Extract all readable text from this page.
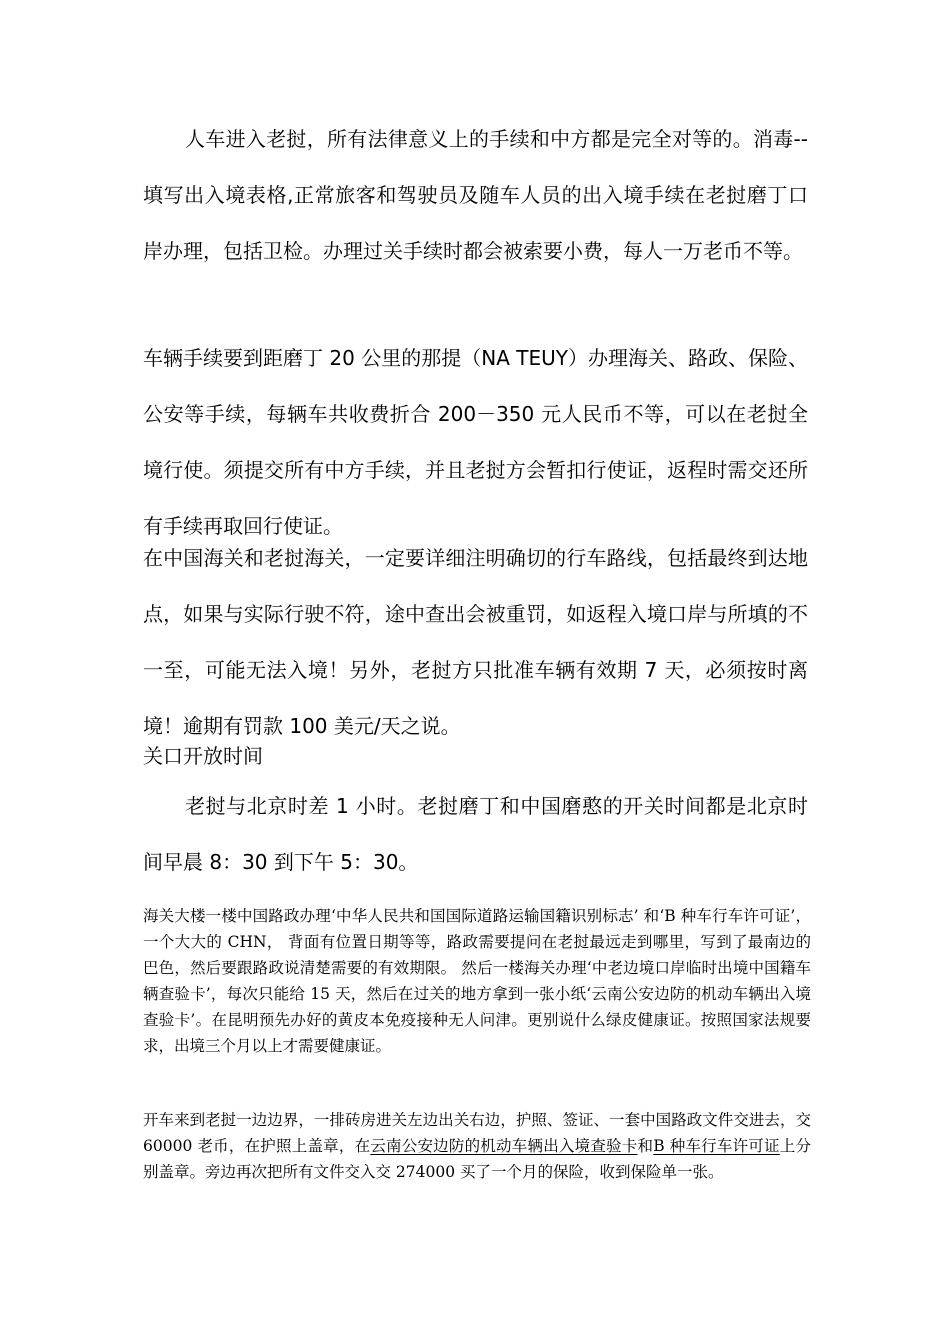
人车进入老挝，所有法律意义上的手续和中方都是完全对等的。消毒--填写出入境表格,正常旅客和驾驶员及随车人员的出入境手续在老挝磨丁口岸办理，包括卫检。办理过关手续时都会被索要小费，每人一万老币不等。

车辆手续要到距磨丁 20 公里的那提（NA TEUY）办理海关、路政、保险、公安等手续，每辆车共收费折合 200－350 元人民币不等，可以在老挝全境行使。须提交所有中方手续，并且老挝方会暂扣行使证，返程时需交还所有手续再取回行使证。

在中国海关和老挝海关，一定要详细注明确切的行车路线，包括最终到达地点，如果与实际行驶不符，途中查出会被重罚，如返程入境口岸与所填的不一至，可能无法入境！另外，老挝方只批准车辆有效期 7 天，必须按时离境！逾期有罚款 100 美元/天之说。

关口开放时间

老挝与北京时差 1 小时。老挝磨丁和中国磨憨的开关时间都是北京时间早晨 8：30 到下午 5：30。

海关大楼一楼中国路政办理‘中华人民共和国国际道路运输国籍识别标志’ 和‘B 种车行车许可证’，一个大大的 CHN， 背面有位置日期等等，路政需要提问在老挝最远走到哪里，写到了最南边的巴色，然后要跟路政说清楚需要的有效期限。 然后一楼海关办理‘中老边境口岸临时出境中国籍车辆查验卡’，每次只能给 15 天，然后在过关的地方拿到一张小纸‘云南公安边防的机动车辆出入境查验卡’。在昆明预先办好的黄皮本免疫接种无人问津。更别说什么绿皮健康证。按照国家法规要求，出境三个月以上才需要健康证。

开车来到老挝一边边界，一排砖房进关左边出关右边，护照、签证、一套中国路政文件交进去，交 60000 老币，在护照上盖章，在云南公安边防的机动车辆出入境查验卡和B 种车行车许可证上分别盖章。旁边再次把所有文件交入交 274000 买了一个月的保险，收到保险单一张。
